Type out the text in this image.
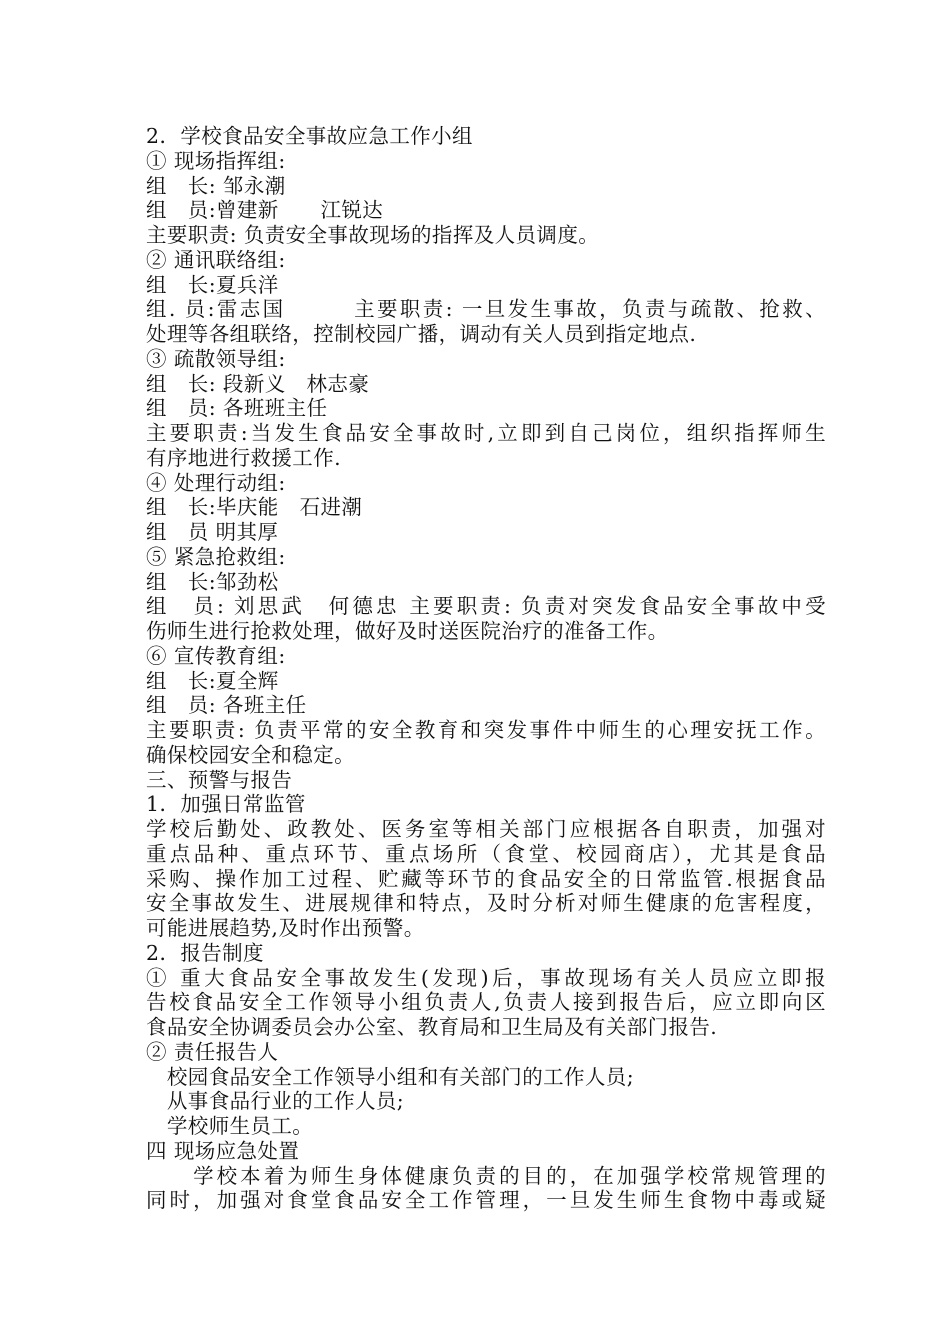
2．学校食品安全事故应急工作小组
① 现场指挥组:
组　长: 邹永潮
组　员:曾建新　　江锐达
主要职责: 负责安全事故现场的指挥及人员调度。
② 通讯联络组:
组　长:夏兵洋
组. 员:雷志国　　　主要职责: 一旦发生事故，负责与疏散、抢救、
处理等各组联络，控制校园广播，调动有关人员到指定地点.
③ 疏散领导组:
组　长: 段新义　林志豪
组　员: 各班班主任
主要职责:当发生食品安全事故时,立即到自己岗位，组织指挥师生
有序地进行救援工作.
④ 处理行动组:
组　长:毕庆能　石进潮
组　员 明其厚
⑤ 紧急抢救组:
组　长:邹劲松
组　员: 刘思武　何德忠 主要职责: 负责对突发食品安全事故中受
伤师生进行抢救处理，做好及时送医院治疗的准备工作。
⑥ 宣传教育组:
组　长:夏全辉
组　员: 各班主任
主要职责: 负责平常的安全教育和突发事件中师生的心理安抚工作。
确保校园安全和稳定。
三、预警与报告
1．加强日常监管
学校后勤处、政教处、医务室等相关部门应根据各自职责，加强对
重点品种、重点环节、重点场所（食堂、校园商店），尤其是食品
采购、操作加工过程、贮藏等环节的食品安全的日常监管.根据食品
安全事故发生、进展规律和特点，及时分析对师生健康的危害程度，
可能进展趋势,及时作出预警。
2．报告制度
① 重大食品安全事故发生(发现)后，事故现场有关人员应立即报
告校食品安全工作领导小组负责人,负责人接到报告后，应立即向区
食品安全协调委员会办公室、教育局和卫生局及有关部门报告.
② 责任报告人
　校园食品安全工作领导小组和有关部门的工作人员;
　从事食品行业的工作人员;
　学校师生员工。
四 现场应急处置
　　学校本着为师生身体健康负责的目的，在加强学校常规管理的
同时，加强对食堂食品安全工作管理，一旦发生师生食物中毒或疑
